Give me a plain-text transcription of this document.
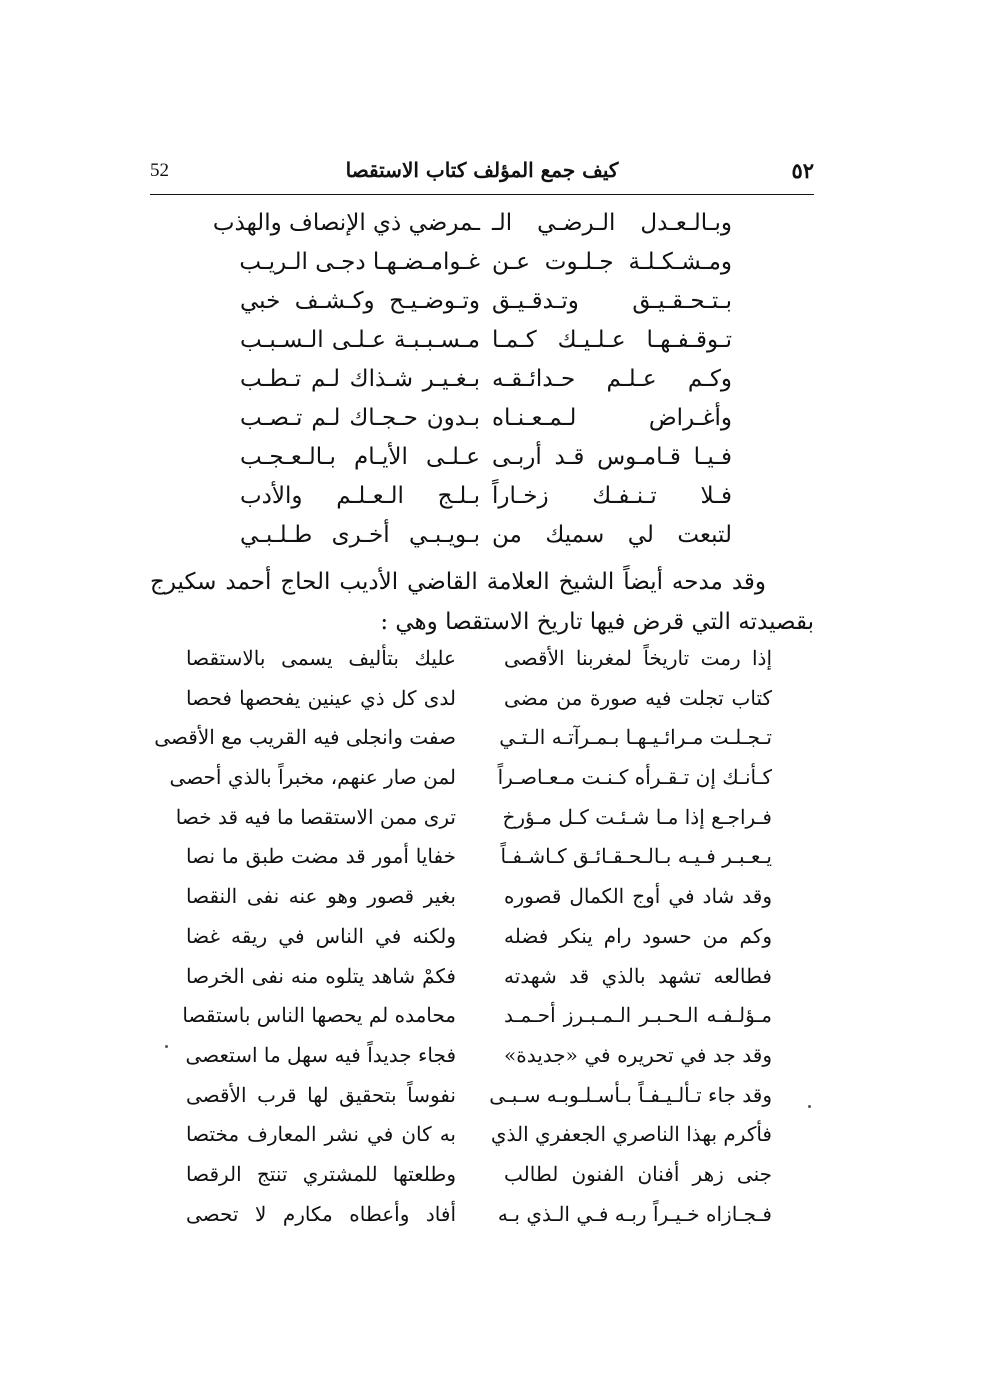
52	كيف جمع المؤلف كتاب الاستقصا	٥٢
وبـالـعـدل الـرضـي الـ
ـمرضي ذي الإنصاف والهذب
ومـشـكـلـة جـلـوت عـن
غـوامـضـهـا دجـى الـريـب
بـتـحـقـيـق وتـدقـيـق
وتـوضـيـح وكـشـف خبي
تـوقـفـهـا عـلـيـك كـمـا
مـسـبـبـة عـلـى الـسـبـب
وكـم عـلـم حـدائـقـه
بـغـيـر شـذاك لـم تـطـب
وأغـراض لـمـعـنـاه
بـدون حـجـاك لـم تـصـب
فـيـا قـامـوس قـد أربـى
عـلـى الأيـام بـالـعـجـب
فـلا تـنـفـك زخـاراً
بـلـج الـعـلـم والأدب
لتبعت لي سميك من
بـويـبـي أخـرى طـلـبـي
وقد مدحه أيضاً الشيخ العلامة القاضي الأديب الحاج أحمد سكيرج
بقصيدته التي قرض فيها تاريخ الاستقصا وهي :
إذا رمت تاريخاً لمغربنا الأقصى
عليك بتأليف يسمى بالاستقصا
كتاب تجلت فيه صورة من مضى
لدى كل ذي عينين يفحصها فحصا
تـجـلـت مـرائـيـهـا بـمـرآتـه الـتـي
صفت وانجلى فيه القريب مع الأقصى
كـأنـك إن تـقـرأه كـنـت مـعـاصـراً
لمن صار عنهم، مخبراً بالذي أحصى
فـراجـع إذا مـا شـئـت كـل مـؤرخ
ترى ممن الاستقصا ما فيه قد خصا
يـعـبـر فـيـه بـالـحـقـائـق كـاشـفـاً
خفايا أمور قد مضت طبق ما نصا
وقد شاد في أوج الكمال قصوره
بغير قصور وهو عنه نفى النقصا
وكم من حسود رام ينكر فضله
ولكنه في الناس في ريقه غضا
فطالعه تشهد بالذي قد شهدته
فكمْ شاهد يتلوه منه نفى الخرصا
مـؤلـفـه الـحـبـر الـمـبـرز أحـمـد
محامده لم يحصها الناس باستقصا
وقد جد في تحريره في «جديدة»
فجاء جديداً فيه سهل ما استعصى
وقد جاء تـألـيـفـاً بـأسـلـوبـه سـبـى
نفوساً بتحقيق لها قرب الأقصى
فأكرم بهذا الناصري الجعفري الذي
به كان في نشر المعارف مختصا
جنى زهر أفنان الفنون لطالب
وطلعتها للمشتري تنتج الرقصا
فـجـازاه خـيـراً ربـه فـي الـذي بـه
أفاد وأعطاه مكارم لا تحصى
